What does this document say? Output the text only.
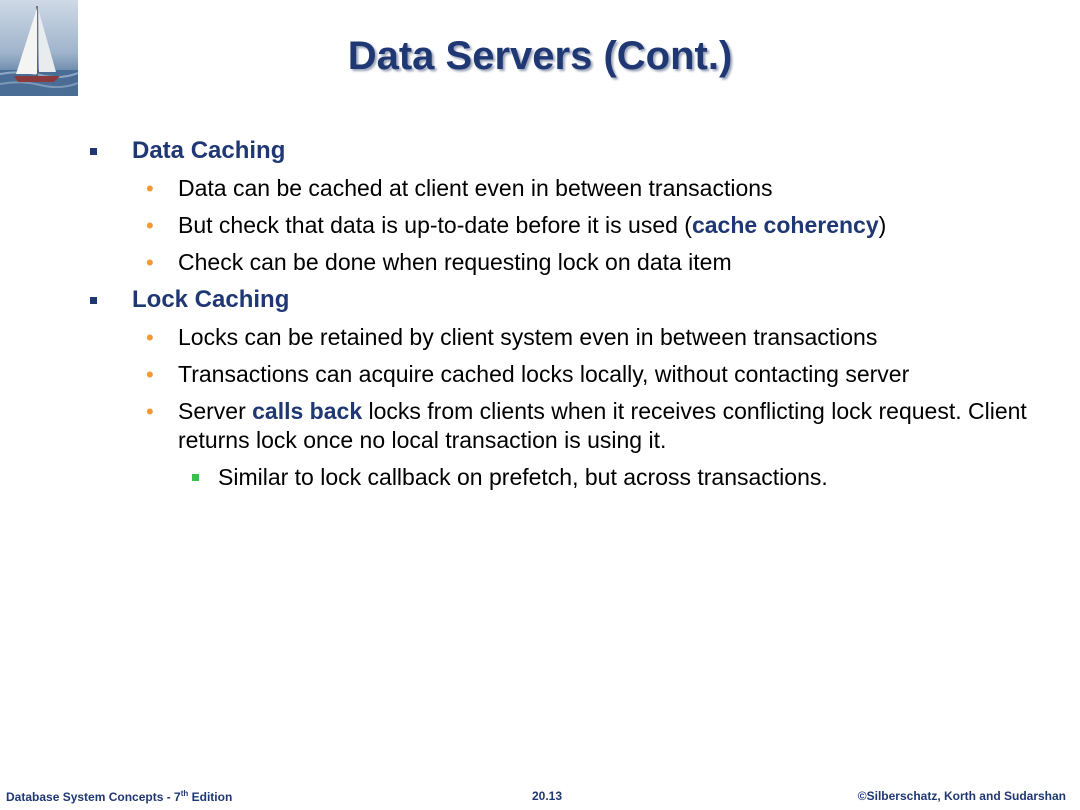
Data Servers (Cont.)
Data Caching
• Data can be cached at client even in between transactions
• But check that data is up-to-date before it is used (cache coherency)
• Check can be done when requesting lock on data item
Lock Caching
• Locks can be retained by client system even in between transactions
• Transactions can acquire cached locks locally, without contacting server
• Server calls back locks from clients when it receives conflicting lock request. Client returns lock once no local transaction is using it.
Similar to lock callback on prefetch, but across transactions.
Database System Concepts - 7th Edition	20.13	©Silberschatz, Korth and Sudarshan
